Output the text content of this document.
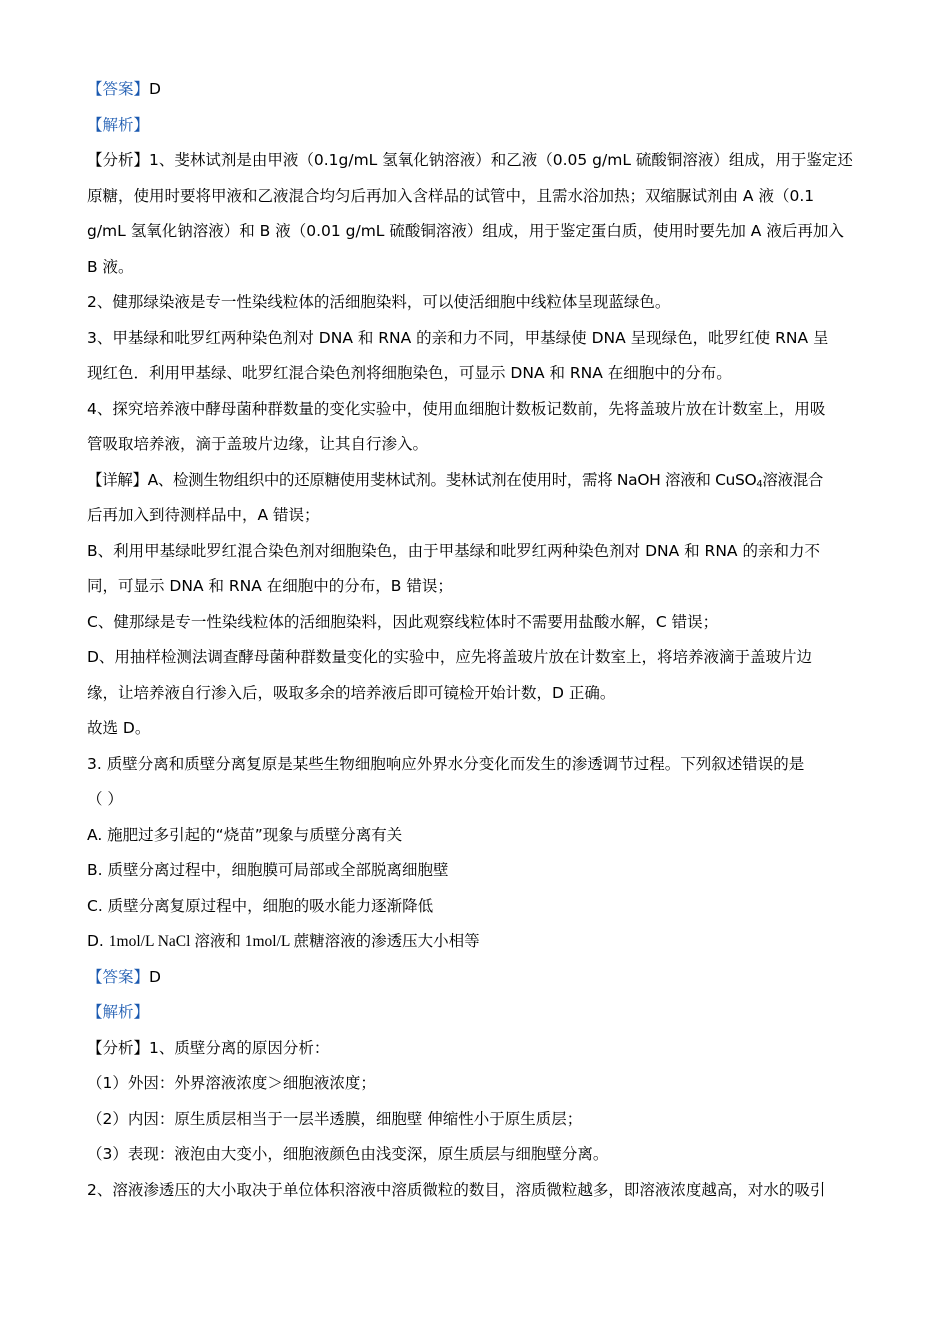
【答案】D
【解析】
【分析】1、斐林试剂是由甲液（0.1g/mL 氢氧化钠溶液）和乙液（0.05 g/mL 硫酸铜溶液）组成，用于鉴定还
原糖，使用时要将甲液和乙液混合均匀后再加入含样品的试管中，且需水浴加热；双缩脲试剂由 A 液（0.1
g/mL 氢氧化钠溶液）和 B 液（0.01 g/mL 硫酸铜溶液）组成，用于鉴定蛋白质，使用时要先加 A 液后再加入
B 液。
2、健那绿染液是专一性染线粒体的活细胞染料，可以使活细胞中线粒体呈现蓝绿色。
3、甲基绿和吡罗红两种染色剂对 DNA 和 RNA 的亲和力不同，甲基绿使 DNA 呈现绿色，吡罗红使 RNA 呈
现红色．利用甲基绿、吡罗红混合染色剂将细胞染色，可显示 DNA 和 RNA 在细胞中的分布。
4、探究培养液中酵母菌种群数量的变化实验中，使用血细胞计数板记数前，先将盖玻片放在计数室上，用吸
管吸取培养液，滴于盖玻片边缘，让其自行渗入。
【详解】A、检测生物组织中的还原糖使用斐林试剂。斐林试剂在使用时，需将 NaOH 溶液和 CuSO$_4$溶液混合
后再加入到待测样品中，A 错误；
B、利用甲基绿吡罗红混合染色剂对细胞染色，由于甲基绿和吡罗红两种染色剂对 DNA 和 RNA 的亲和力不
同，可显示 DNA 和 RNA 在细胞中的分布，B 错误；
C、健那绿是专一性染线粒体的活细胞染料，因此观察线粒体时不需要用盐酸水解，C 错误；
D、用抽样检测法调查酵母菌种群数量变化的实验中，应先将盖玻片放在计数室上，将培养液滴于盖玻片边
缘，让培养液自行渗入后，吸取多余的培养液后即可镜检开始计数，D 正确。
故选 D。
3. 质壁分离和质壁分离复原是某些生物细胞响应外界水分变化而发生的渗透调节过程。下列叙述错误的是
（ ）
A. 施肥过多引起的“烧苗”现象与质壁分离有关
B. 质壁分离过程中，细胞膜可局部或全部脱离细胞壁
C. 质壁分离复原过程中，细胞的吸水能力逐渐降低
D. 1mol/L NaCl 溶液和 1mol/L 蔗糖溶液的渗透压大小相等
【答案】D
【解析】
【分析】1、质壁分离的原因分析：
（1）外因：外界溶液浓度＞细胞液浓度；
（2）内因：原生质层相当于一层半透膜，细胞壁 伸缩性小于原生质层；
（3）表现：液泡由大变小，细胞液颜色由浅变深，原生质层与细胞壁分离。
2、溶液渗透压的大小取决于单位体积溶液中溶质微粒的数目，溶质微粒越多，即溶液浓度越高，对水的吸引
